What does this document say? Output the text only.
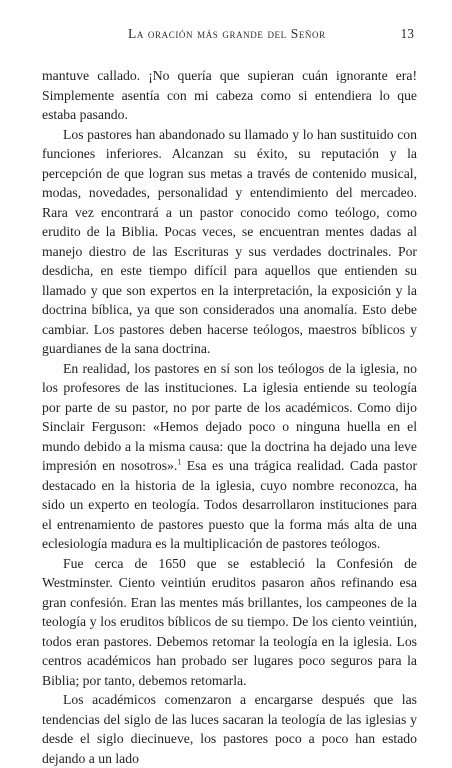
La oración más grande del Señor	13

mantuve callado. ¡No quería que supieran cuán ignorante era! Simplemente asentía con mi cabeza como si entendiera lo que estaba pasando.

Los pastores han abandonado su llamado y lo han sustituido con funciones inferiores. Alcanzan su éxito, su reputación y la percepción de que logran sus metas a través de contenido musical, modas, novedades, personalidad y entendimiento del mercadeo. Rara vez encontrará a un pastor conocido como teólogo, como erudito de la Biblia. Pocas veces, se encuentran mentes dadas al manejo diestro de las Escrituras y sus verdades doctrinales. Por desdicha, en este tiempo difícil para aquellos que entienden su llamado y que son expertos en la interpretación, la exposición y la doctrina bíblica, ya que son considerados una anomalía. Esto debe cambiar. Los pastores deben hacerse teólogos, maestros bíblicos y guardianes de la sana doctrina.

En realidad, los pastores en sí son los teólogos de la iglesia, no los profesores de las instituciones. La iglesia entiende su teología por parte de su pastor, no por parte de los académicos. Como dijo Sinclair Ferguson: «Hemos dejado poco o ninguna huella en el mundo debido a la misma causa: que la doctrina ha dejado una leve impresión en nosotros».$^1$ Esa es una trágica realidad. Cada pastor destacado en la historia de la iglesia, cuyo nombre reconozca, ha sido un experto en teología. Todos desarrollaron instituciones para el entrenamiento de pastores puesto que la forma más alta de una eclesiología madura es la multiplicación de pastores teólogos.

Fue cerca de 1650 que se estableció la Confesión de Westminster. Ciento veintiún eruditos pasaron años refinando esa gran confesión. Eran las mentes más brillantes, los campeones de la teología y los eruditos bíblicos de su tiempo. De los ciento veintiún, todos eran pastores. Debemos retomar la teología en la iglesia. Los centros académicos han probado ser lugares poco seguros para la Biblia; por tanto, debemos retomarla.

Los académicos comenzaron a encargarse después que las tendencias del siglo de las luces sacaran la teología de las iglesias y desde el siglo diecinueve, los pastores poco a poco han estado dejando a un lado
